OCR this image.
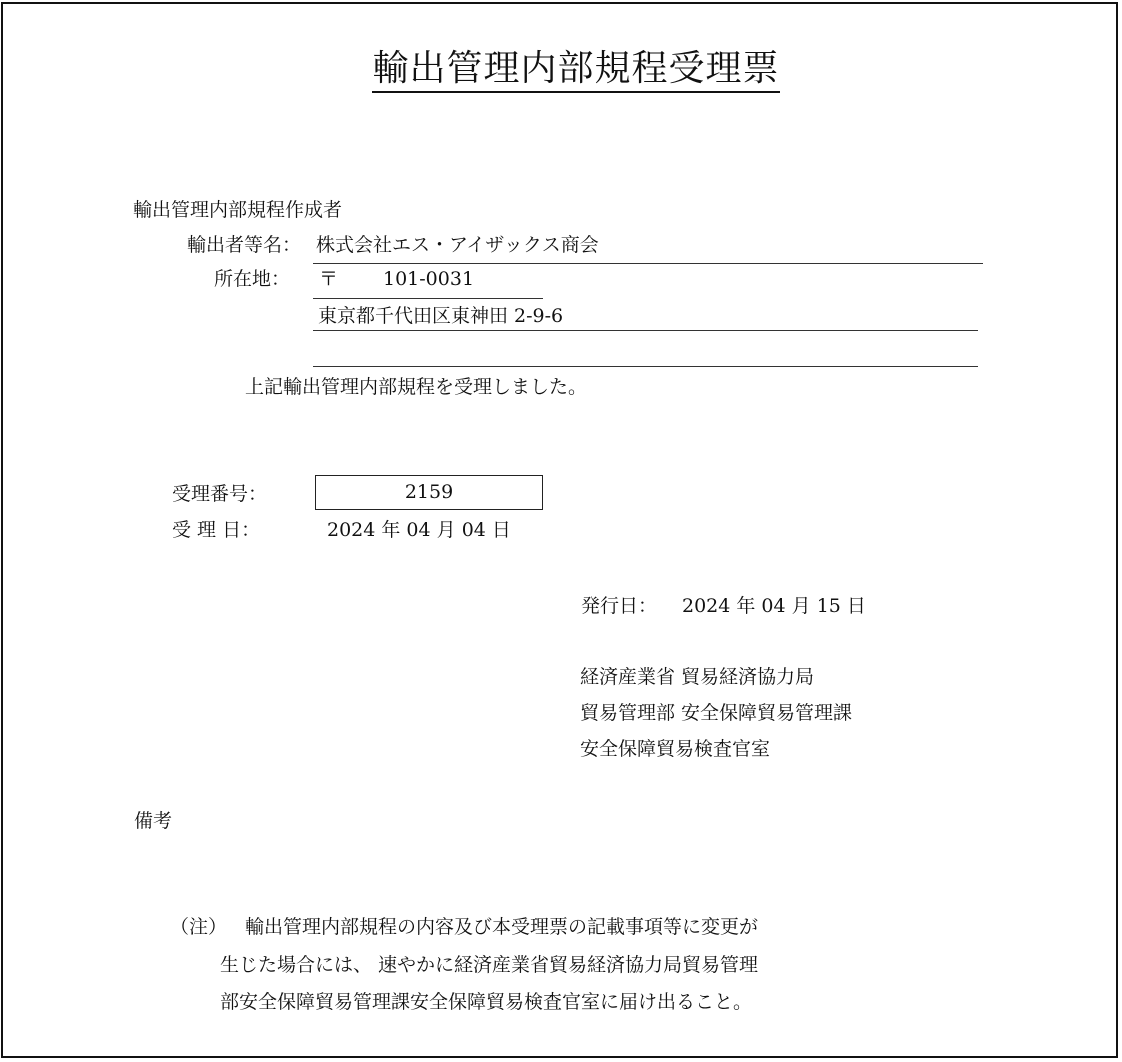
輸出管理内部規程受理票
輸出管理内部規程作成者
輸出者等名： 株式会社エス・アイザックス商会
所在地： 〒 101-0031
東京都千代田区東神田 2-9-6
上記輸出管理内部規程を受理しました。
受理番号：	2159
受 理 日：	2024 年 04 月 04 日
発行日： 2024 年 04 月 15 日
経済産業省 貿易経済協力局
貿易管理部 安全保障貿易管理課
安全保障貿易検査官室
備考
（注） 輸出管理内部規程の内容及び本受理票の記載事項等に変更が
生じた場合には、 速やかに経済産業省貿易経済協力局貿易管理
部安全保障貿易管理課安全保障貿易検査官室に届け出ること。
